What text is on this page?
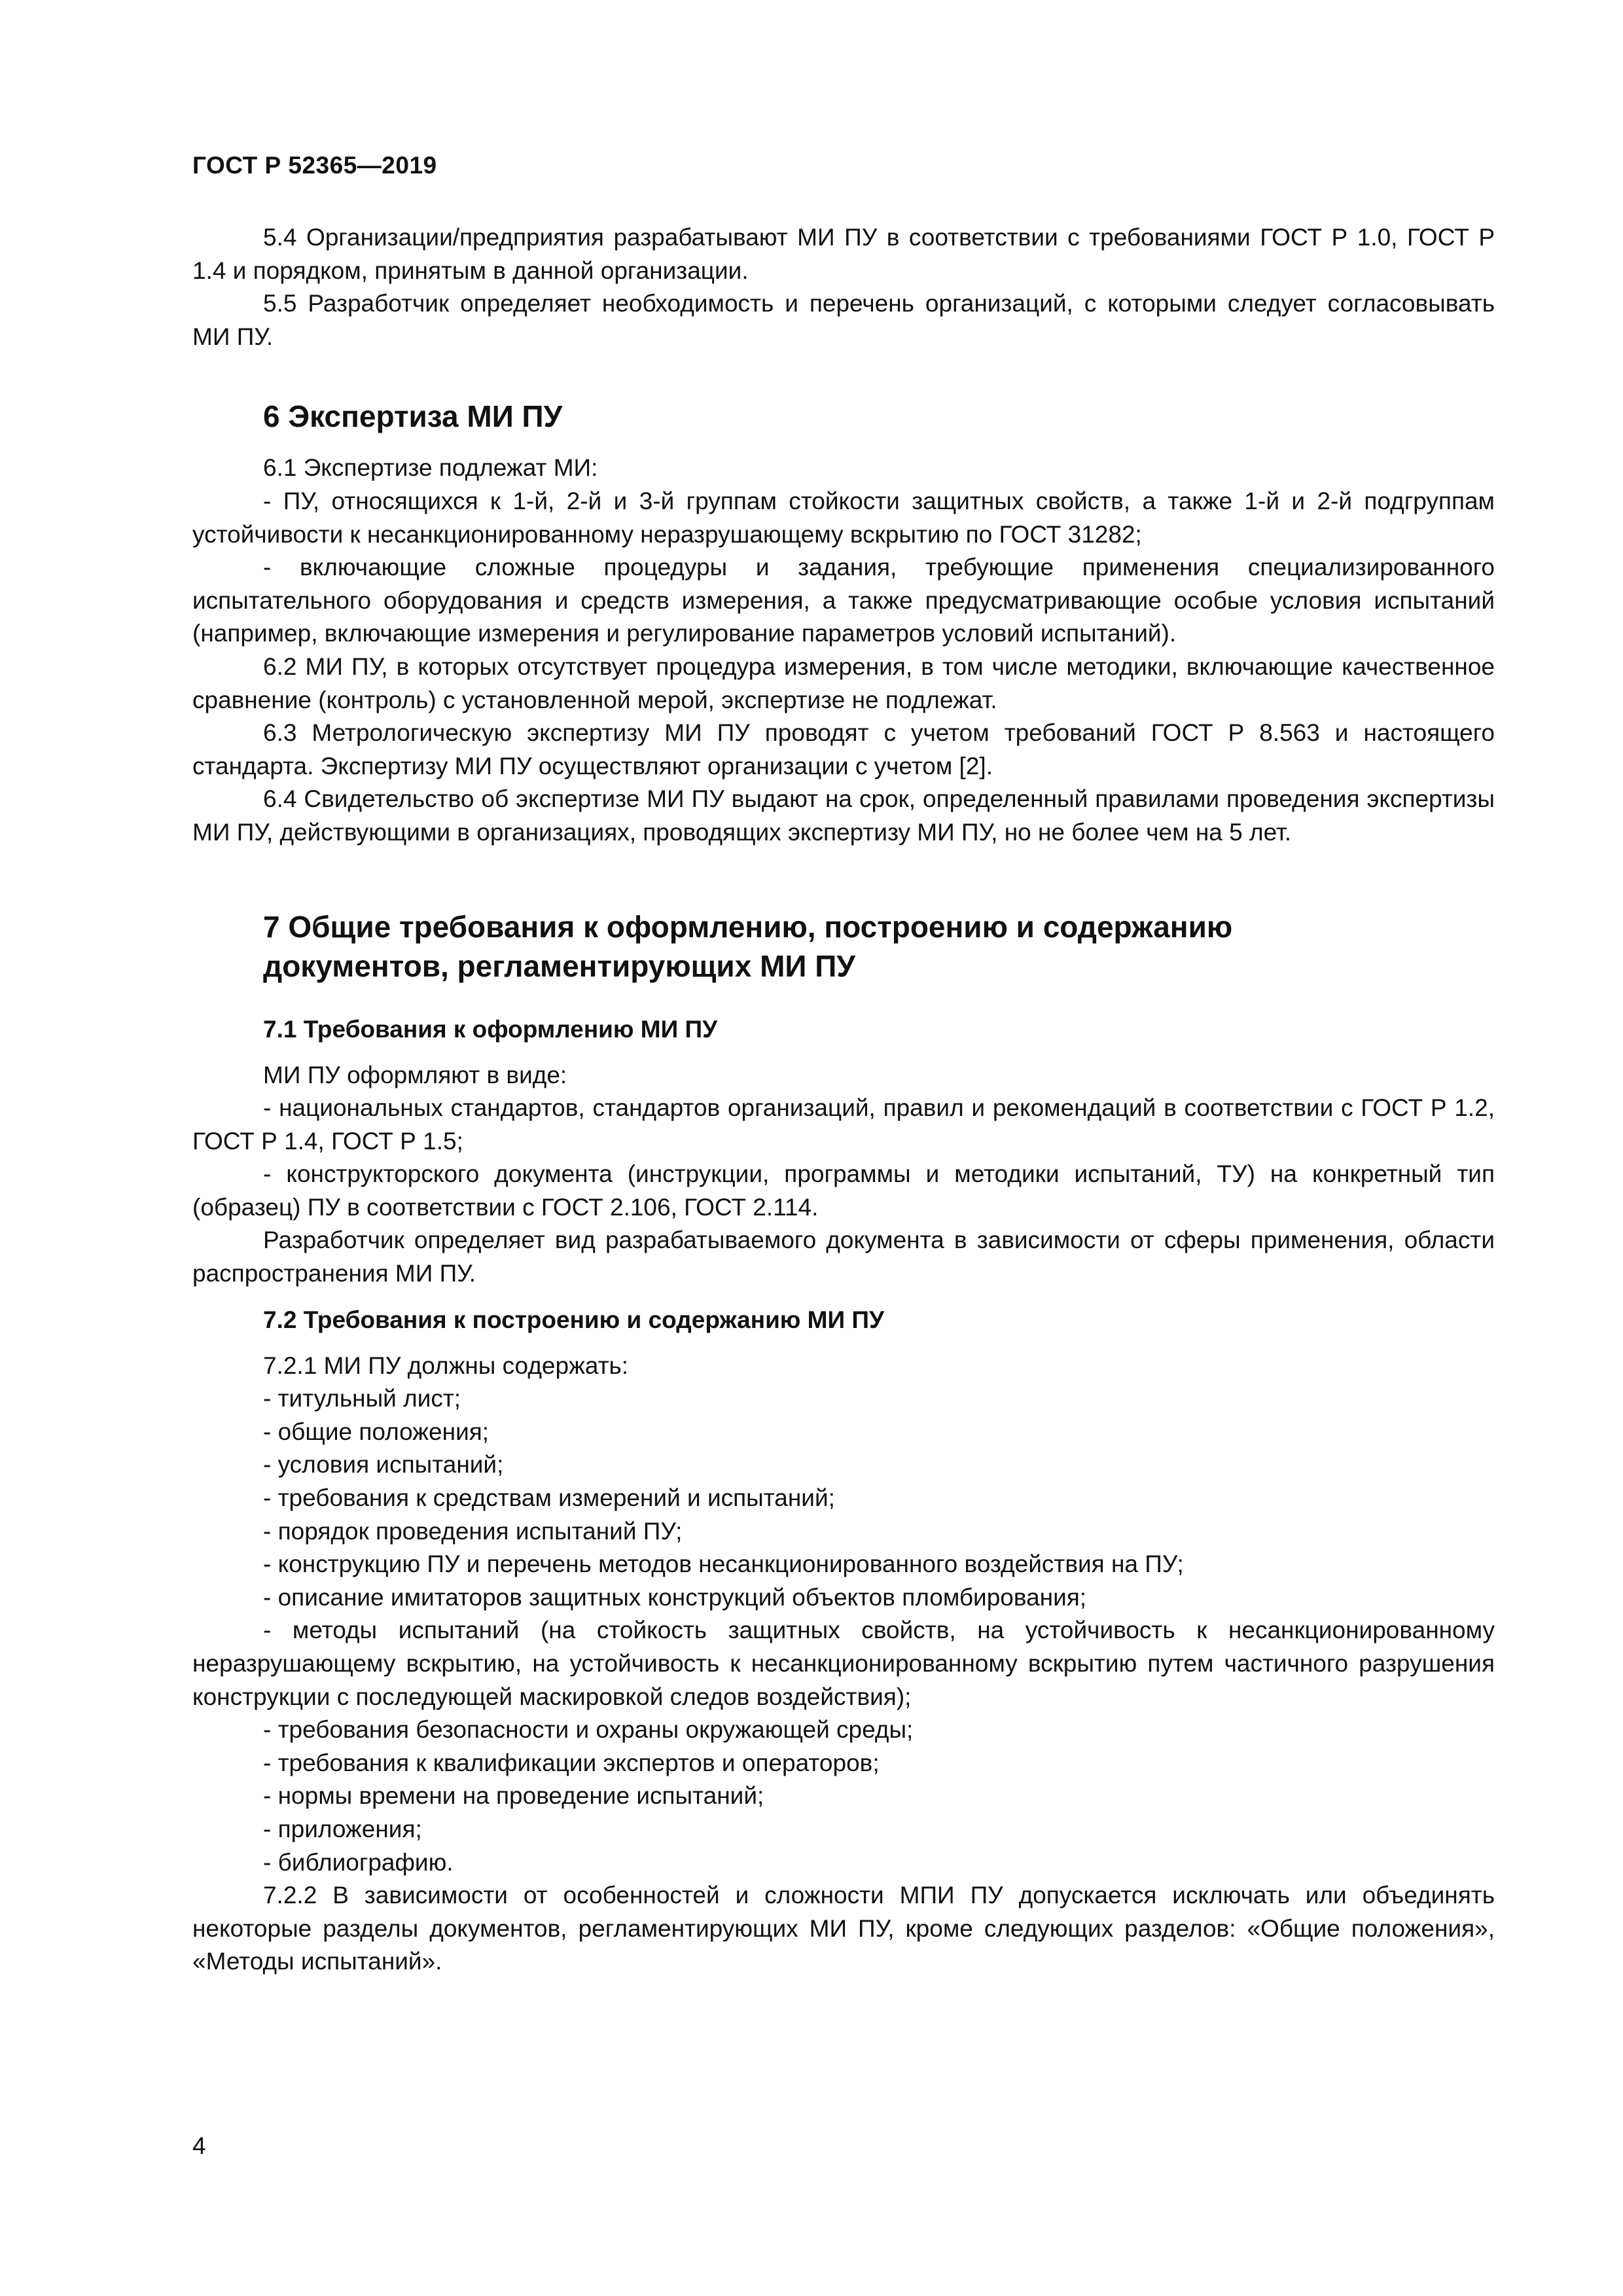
ГОСТ Р 52365—2019

5.4 Организации/предприятия разрабатывают МИ ПУ в соответствии с требованиями ГОСТ Р 1.0, ГОСТ Р 1.4 и порядком, принятым в данной организации.

5.5 Разработчик определяет необходимость и перечень организаций, с которыми следует согласовывать МИ ПУ.

6 Экспертиза МИ ПУ

6.1 Экспертизе подлежат МИ:

- ПУ, относящихся к 1-й, 2-й и 3-й группам стойкости защитных свойств, а также 1-й и 2-й подгруппам устойчивости к несанкционированному неразрушающему вскрытию по ГОСТ 31282;

- включающие сложные процедуры и задания, требующие применения специализированного испытательного оборудования и средств измерения, а также предусматривающие особые условия испытаний (например, включающие измерения и регулирование параметров условий испытаний).

6.2 МИ ПУ, в которых отсутствует процедура измерения, в том числе методики, включающие качественное сравнение (контроль) с установленной мерой, экспертизе не подлежат.

6.3 Метрологическую экспертизу МИ ПУ проводят с учетом требований ГОСТ Р 8.563 и настоящего стандарта. Экспертизу МИ ПУ осуществляют организации с учетом [2].

6.4 Свидетельство об экспертизе МИ ПУ выдают на срок, определенный правилами проведения экспертизы МИ ПУ, действующими в организациях, проводящих экспертизу МИ ПУ, но не более чем на 5 лет.

7 Общие требования к оформлению, построению и содержанию
документов, регламентирующих МИ ПУ
7.1 Требования к оформлению МИ ПУ

МИ ПУ оформляют в виде:

- национальных стандартов, стандартов организаций, правил и рекомендаций в соответствии с ГОСТ Р 1.2, ГОСТ Р 1.4, ГОСТ Р 1.5;

- конструкторского документа (инструкции, программы и методики испытаний, ТУ) на конкретный тип (образец) ПУ в соответствии с ГОСТ 2.106, ГОСТ 2.114.

Разработчик определяет вид разрабатываемого документа в зависимости от сферы применения, области распространения МИ ПУ.

7.2 Требования к построению и содержанию МИ ПУ

7.2.1 МИ ПУ должны содержать:

- титульный лист;

- общие положения;

- условия испытаний;

- требования к средствам измерений и испытаний;

- порядок проведения испытаний ПУ;

- конструкцию ПУ и перечень методов несанкционированного воздействия на ПУ;

- описание имитаторов защитных конструкций объектов пломбирования;

- методы испытаний (на стойкость защитных свойств, на устойчивость к несанкционированному неразрушающему вскрытию, на устойчивость к несанкционированному вскрытию путем частичного разрушения конструкции с последующей маскировкой следов воздействия);

- требования безопасности и охраны окружающей среды;

- требования к квалификации экспертов и операторов;

- нормы времени на проведение испытаний;

- приложения;

- библиографию.

7.2.2 В зависимости от особенностей и сложности МПИ ПУ допускается исключать или объединять некоторые разделы документов, регламентирующих МИ ПУ, кроме следующих разделов: «Общие положения», «Методы испытаний».

4
